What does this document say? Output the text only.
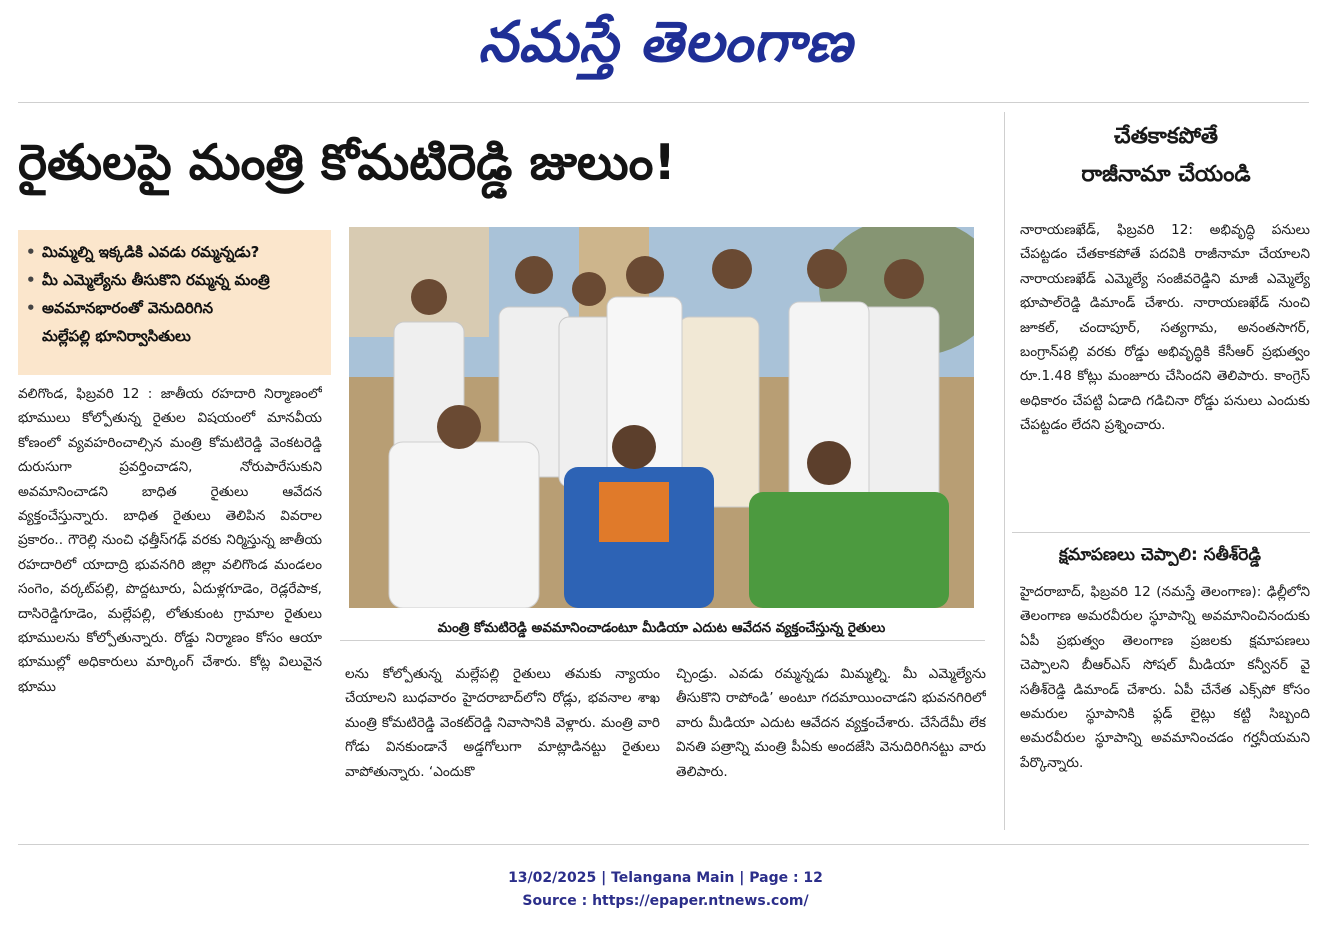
నమస్తే తెలంగాణ
రైతులపై మంత్రి కోమటిరెడ్డి జులుం!
• మిమ్మల్ని ఇక్కడికి ఎవడు రమ్మన్నడు?
• మీ ఎమ్మెల్యేను తీసుకొని రమ్మన్న మంత్రి
• అవమానభారంతో వెనుదిరిగిన
మల్లేపల్లి భూనిర్వాసితులు
మంత్రి కోమటిరెడ్డి అవమానించాడంటూ మీడియా ఎదుట ఆవేదన వ్యక్తంచేస్తున్న రైతులు

వలిగొండ, ఫిబ్రవరి 12 : జాతీయ రహదారి నిర్మాణంలో భూములు కోల్పోతున్న రైతుల విషయంలో మానవీయ కోణంలో వ్యవహరించాల్సిన మంత్రి కోమటిరెడ్డి వెంకటరెడ్డి దురుసుగా ప్రవర్తించాడని, నోరుపారేసుకుని అవమానించాడని బాధిత రైతులు ఆవేదన వ్యక్తంచేస్తున్నారు. బాధిత రైతులు తెలిపిన వివరాల ప్రకారం.. గౌరెల్లి నుంచి ఛత్తీస్‌గఢ్ వరకు నిర్మిస్తున్న జాతీయ రహదారిలో యాదాద్రి భువనగిరి జిల్లా వలిగొండ మండలం సంగెం, వర్కట్‌పల్లి, పొద్దటూరు, ఏదుళ్లగూడెం, రెడ్లరేపాక, దాసిరెడ్డిగూడెం, మల్లేపల్లి, లోతుకుంట గ్రామాల రైతులు భూములను కోల్పోతున్నారు. రోడ్డు నిర్మాణం కోసం ఆయా భూముల్లో అధికారులు మార్కింగ్ చేశారు. కోట్ల విలువైన భూము

లను కోల్పోతున్న మల్లేపల్లి రైతులు తమకు న్యాయం చేయాలని బుధవారం హైదరాబాద్‌లోని రోడ్లు, భవనాల శాఖ మంత్రి కోమటిరెడ్డి వెంకట్‌రెడ్డి నివాసానికి వెళ్లారు. మంత్రి వారి గోడు వినకుండానే అడ్డగోలుగా మాట్లాడినట్టు రైతులు వాపోతున్నారు. ‘ఎందుకొ

చ్చిండ్రు. ఎవడు రమ్మన్నడు మిమ్మల్ని. మీ ఎమ్మెల్యేను తీసుకొని రాపోండి’ అంటూ గదమాయించాడని భువనగిరిలో వారు మీడియా ఎదుట ఆవేదన వ్యక్తంచేశారు. చేసేదేమీ లేక వినతి పత్రాన్ని మంత్రి పీఏకు అందజేసి వెనుదిరిగినట్టు వారు తెలిపారు.

చేతకాకపోతే
రాజీనామా చేయండి

నారాయణఖేడ్, ఫిబ్రవరి 12: అభివృద్ధి పనులు చేపట్టడం చేతకాకపోతే పదవికి రాజీనామా చేయాలని నారాయణఖేడ్ ఎమ్మెల్యే సంజీవరెడ్డిని మాజీ ఎమ్మెల్యే భూపాల్‌రెడ్డి డిమాండ్ చేశారు. నారాయణఖేడ్ నుంచి జూకల్, చందాపూర్, సత్యగామ, అనంతసాగర్, బంగ్రాన్‌పల్లి వరకు రోడ్డు అభివృద్ధికి కేసీఆర్ ప్రభుత్వం రూ.1.48 కోట్లు మంజూరు చేసిందని తెలిపారు. కాంగ్రెస్ అధికారం చేపట్టి ఏడాది గడిచినా రోడ్డు పనులు ఎందుకు చేపట్టడం లేదని ప్రశ్నించారు.

క్షమాపణలు చెప్పాలి: సతీశ్‌రెడ్డి

హైదరాబాద్, ఫిబ్రవరి 12 (నమస్తే తెలంగాణ): ఢిల్లీలోని తెలంగాణ అమరవీరుల స్థూపాన్ని అవమానించినందుకు ఏపీ ప్రభుత్వం తెలంగాణ ప్రజలకు క్షమాపణలు చెప్పాలని బీఆర్ఎస్ సోషల్ మీడియా కన్వీనర్ వై సతీశ్‌రెడ్డి డిమాండ్ చేశారు. ఏపీ చేనేత ఎక్స్‌పో కోసం అమరుల స్థూపానికి ఫ్లడ్ లైట్లు కట్టి సిబ్బంది అమరవీరుల స్థూపాన్ని అవమానించడం గర్హనీయమని పేర్కొన్నారు.

13/02/2025 | Telangana Main | Page : 12
Source : https://epaper.ntnews.com/
